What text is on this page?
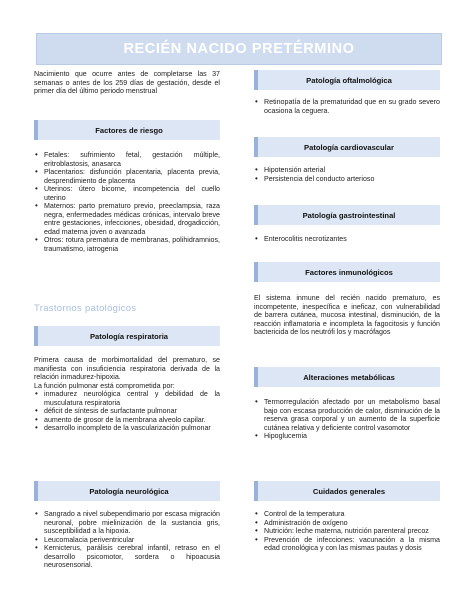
RECIÉN NACIDO PRETÉRMINO

Nacimiento que ocurre antes de completarse las 37 semanas o antes de los 259 días de gestación, desde el primer día del último periodo menstrual

Factores de riesgo
• Fetales: sufrimiento fetal, gestación múltiple, eritroblastosis, anasarca
• Placentarios: disfunción placentaria, placenta previa, desprendimiento de placenta
• Uterinos: útero bicorne, incompetencia del cuello uterino
• Maternos: parto prematuro previo, preeclampsia, raza negra, enfermedades médicas crónicas, intervalo breve entre gestaciones, infecciones, obesidad, drogadicción, edad materna joven o avanzada
• Otros: rotura prematura de membranas, polihidramnios, traumatismo, iatrogenia
Trastornos patológicos
Patología respiratoria

Primera causa de morbimortalidad del prematuro, se manifiesta con insuficiencia respiratoria derivada de la relación inmadurez-hipoxia.

La función pulmonar está comprometida por:

• inmadurez neurológica central y debilidad de la musculatura respiratoria
• déficit de síntesis de surfactante pulmonar
• aumento de grosor de la membrana alveolo capilar.
• desarrollo incompleto de la vascularización pulmonar
Patología neurológica
• Sangrado a nivel subependimario por escasa migración neuronal, pobre mielinización de la sustancia gris, susceptibilidad a la hipoxia.
• Leucomalacia periventricular
• Kernicterus, parálisis cerebral infantil, retraso en el desarrollo psicomotor, sordera o hipoacusia neurosensorial.
Patología oftalmológica
• Retinopatía de la prematuridad que en su grado severo ocasiona la ceguera.
Patología cardiovascular
• Hipotensión arterial
• Persistencia del conducto arterioso
Patología gastrointestinal
• Enterocolitis necrotizantes
Factores inmunológicos

El sistema inmune del recién nacido prematuro, es incompetente, inespecífica e ineficaz, con vulnerabilidad de barrera cutánea, mucosa intestinal, disminución, de la reacción inflamatoria e incompleta la fagocitosis y función bactericida de los neutrófi los y macrófagos

Alteraciones metabólicas
• Termorregulación afectado por un metabolismo basal bajo con escasa producción de calor, disminución de la reserva grasa corporal y un aumento de la superficie cutánea relativa y deficiente control vasomotor
• Hipoglucemia
Cuidados generales
• Control de la temperatura
• Administración de oxígeno
• Nutrición: leche materna, nutrición parenteral precoz
• Prevención de infecciones: vacunación a la misma edad cronológica y con las mismas pautas y dosis
